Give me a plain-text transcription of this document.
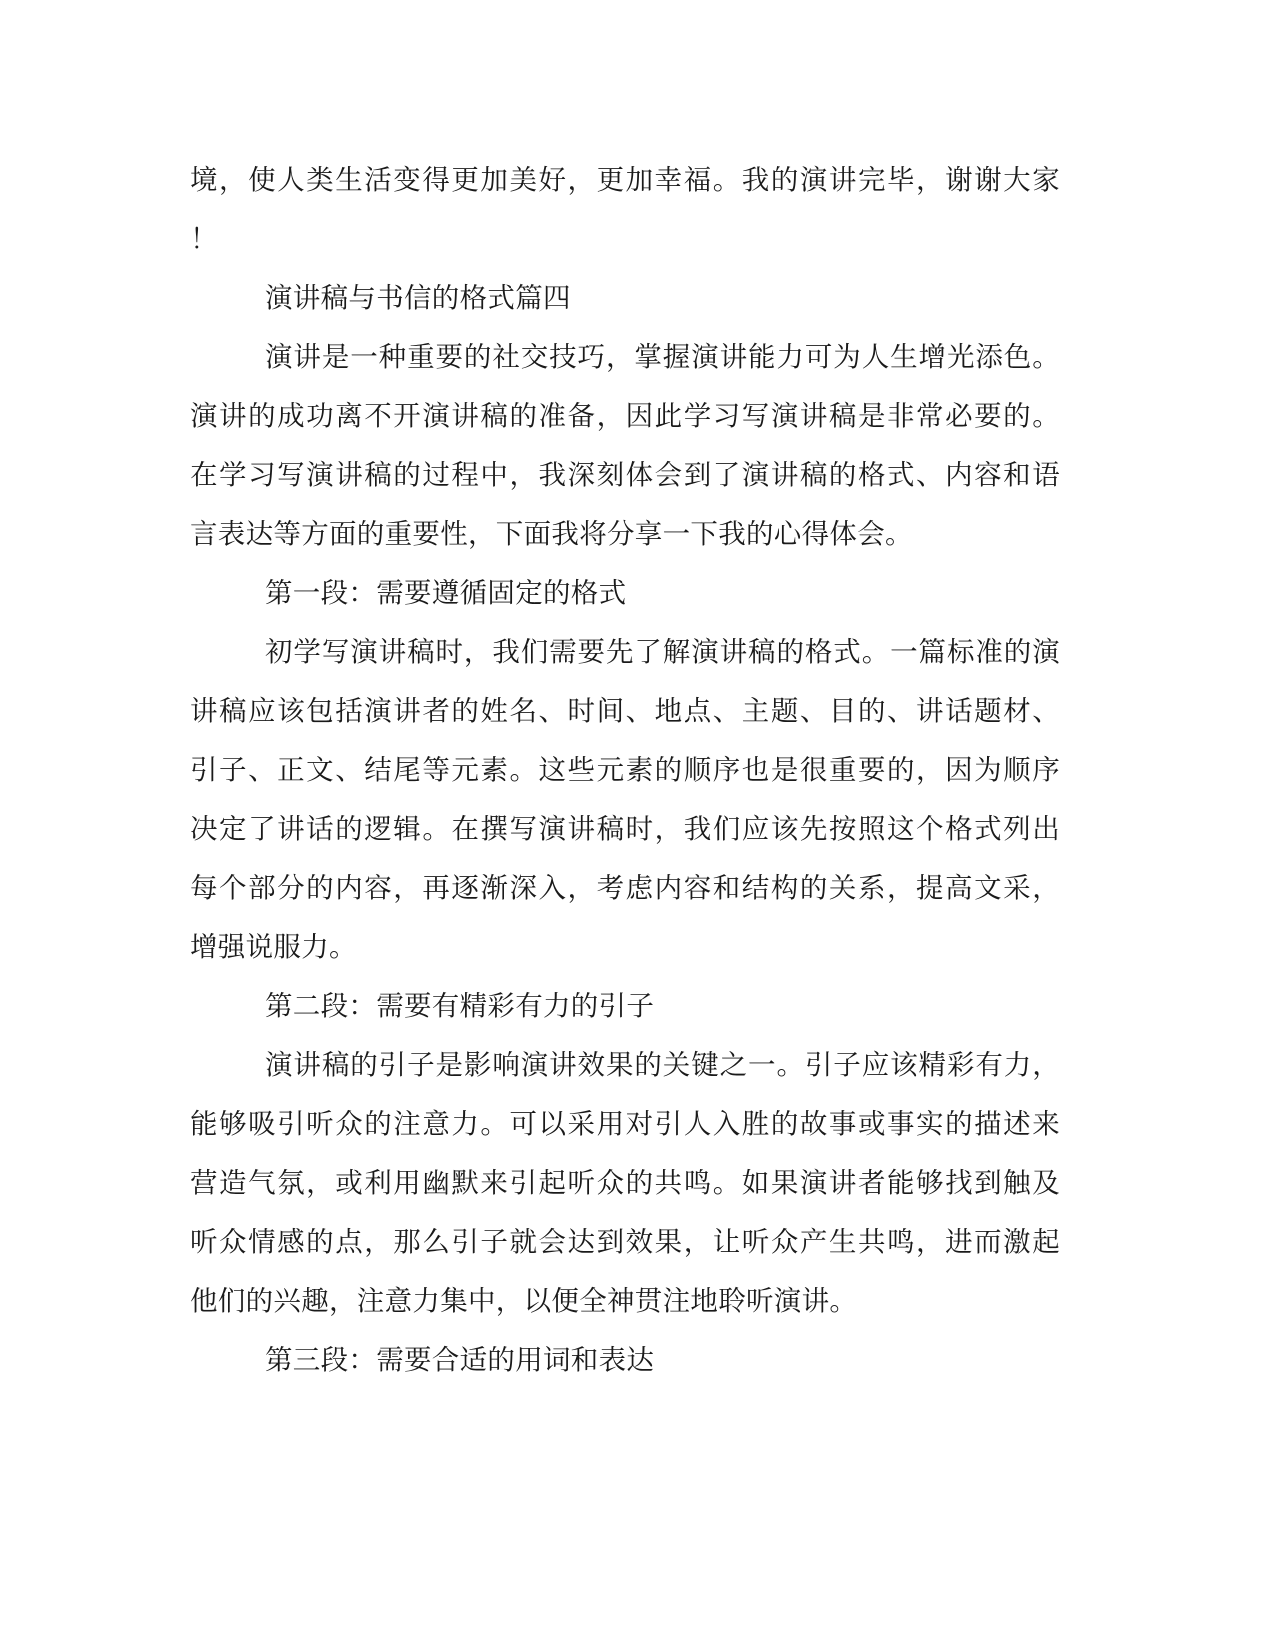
境，使人类生活变得更加美好，更加幸福。我的演讲完毕，谢谢大家
！
演讲稿与书信的格式篇四
演讲是一种重要的社交技巧，掌握演讲能力可为人生增光添色。
演讲的成功离不开演讲稿的准备，因此学习写演讲稿是非常必要的。
在学习写演讲稿的过程中，我深刻体会到了演讲稿的格式、内容和语
言表达等方面的重要性，下面我将分享一下我的心得体会。
第一段：需要遵循固定的格式
初学写演讲稿时，我们需要先了解演讲稿的格式。一篇标准的演
讲稿应该包括演讲者的姓名、时间、地点、主题、目的、讲话题材、
引子、正文、结尾等元素。这些元素的顺序也是很重要的，因为顺序
决定了讲话的逻辑。在撰写演讲稿时，我们应该先按照这个格式列出
每个部分的内容，再逐渐深入，考虑内容和结构的关系，提高文采，
增强说服力。
第二段：需要有精彩有力的引子
演讲稿的引子是影响演讲效果的关键之一。引子应该精彩有力，
能够吸引听众的注意力。可以采用对引人入胜的故事或事实的描述来
营造气氛，或利用幽默来引起听众的共鸣。如果演讲者能够找到触及
听众情感的点，那么引子就会达到效果，让听众产生共鸣，进而激起
他们的兴趣，注意力集中，以便全神贯注地聆听演讲。
第三段：需要合适的用词和表达
